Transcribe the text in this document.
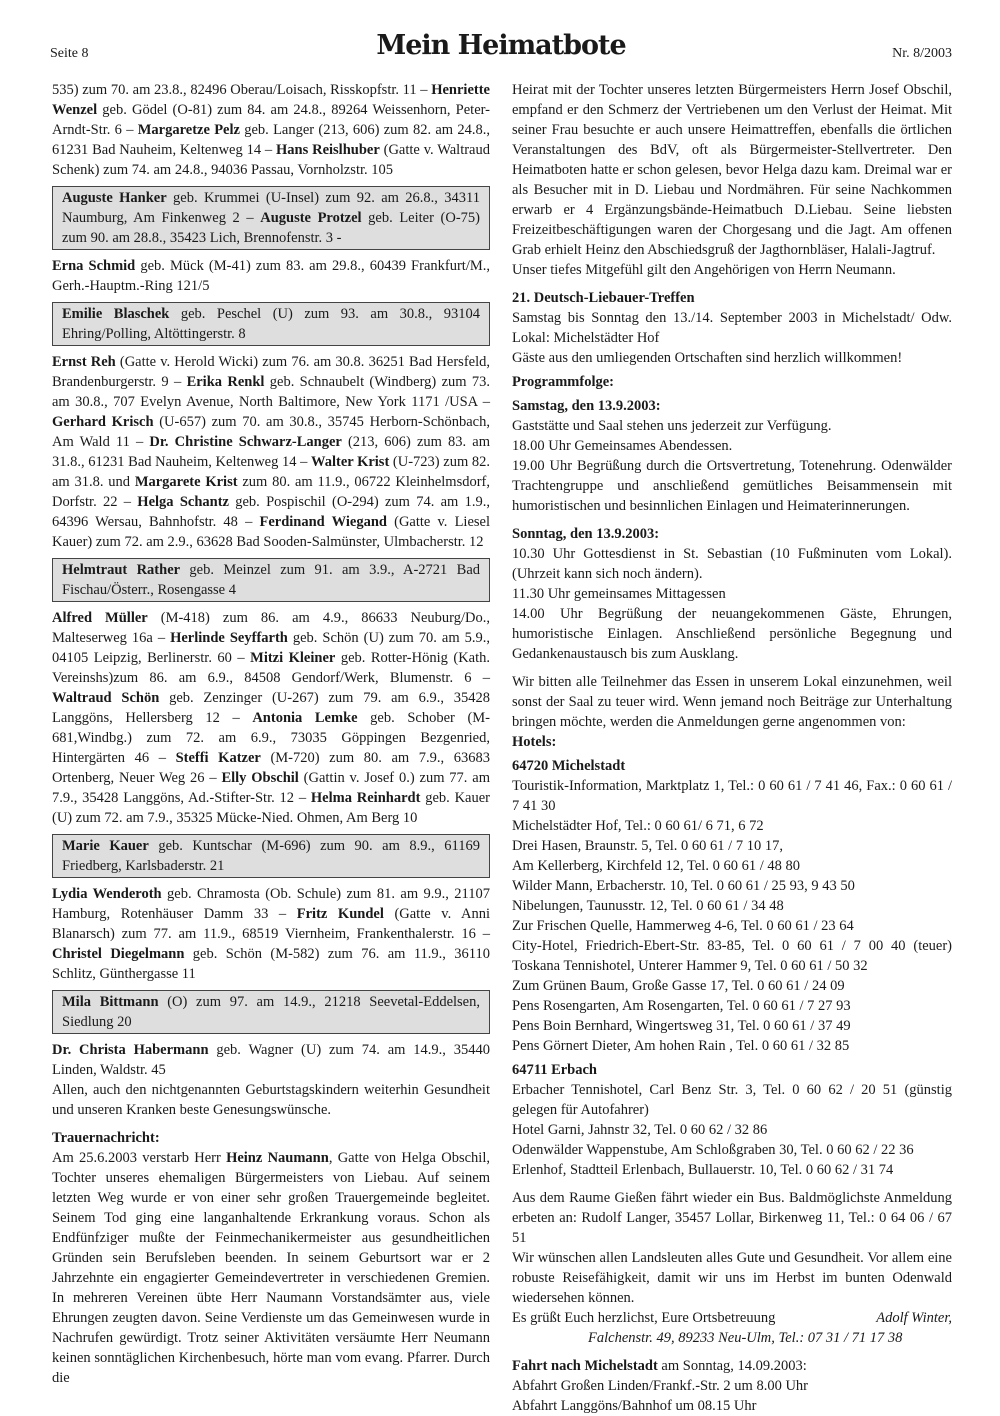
Seite 8	Mein Heimatbote	Nr. 8/2003

535) zum 70. am 23.8., 82496 Oberau/Loisach, Risskopfstr. 11 – Henriette Wenzel geb. Gödel (O-81) zum 84. am 24.8., 89264 Weissenhorn, Peter-Arndt-Str. 6 – Margaretze Pelz geb. Langer (213, 606) zum 82. am 24.8., 61231 Bad Nauheim, Keltenweg 14 – Hans Reislhuber (Gatte v. Waltraud Schenk) zum 74. am 24.8., 94036 Passau, Vornholzstr. 105

Auguste Hanker geb. Krummei (U-Insel) zum 92. am 26.8., 34311 Naumburg, Am Finkenweg 2 – Auguste Protzel geb. Leiter (O-75) zum 90. am 28.8., 35423 Lich, Brennofenstr. 3 -

Erna Schmid geb. Mück (M-41) zum 83. am 29.8., 60439 Frankfurt/M., Gerh.-Hauptm.-Ring 121/5

Emilie Blaschek geb. Peschel (U) zum 93. am 30.8., 93104 Ehring/Polling, Altöttingerstr. 8

Ernst Reh (Gatte v. Herold Wicki) zum 76. am 30.8. 36251 Bad Hersfeld, Brandenburgerstr. 9 – Erika Renkl geb. Schnaubelt (Windberg) zum 73. am 30.8., 707 Evelyn Avenue, North Baltimore, New York 1171 /USA – Gerhard Krisch (U-657) zum 70. am 30.8., 35745 Herborn-Schönbach, Am Wald 11 – Dr. Christine Schwarz-Langer (213, 606) zum 83. am 31.8., 61231 Bad Nauheim, Keltenweg 14 – Walter Krist (U-723) zum 82. am 31.8. und Margarete Krist zum 80. am 11.9., 06722 Kleinhelmsdorf, Dorfstr. 22 – Helga Schantz geb. Pospischil (O-294) zum 74. am 1.9., 64396 Wersau, Bahnhofstr. 48 – Ferdinand Wiegand (Gatte v. Liesel Kauer) zum 72. am 2.9., 63628 Bad Sooden-Salmünster, Ulmbacherstr. 12

Helmtraut Rather geb. Meinzel zum 91. am 3.9., A-2721 Bad Fischau/Österr., Rosengasse 4

Alfred Müller (M-418) zum 86. am 4.9., 86633 Neuburg/Do., Malteserweg 16a – Herlinde Seyffarth geb. Schön (U) zum 70. am 5.9., 04105 Leipzig, Berlinerstr. 60 – Mitzi Kleiner geb. Rotter-Hönig (Kath. Vereinshs)zum 86. am 6.9., 84508 Gendorf/Werk, Blumenstr. 6 – Waltraud Schön geb. Zenzinger (U-267) zum 79. am 6.9., 35428 Langgöns, Hellersberg 12 – Antonia Lemke geb. Schober (M-681,Windbg.) zum 72. am 6.9., 73035 Göppingen Bezgenried, Hintergärten 46 – Steffi Katzer (M-720) zum 80. am 7.9., 63683 Ortenberg, Neuer Weg 26 – Elly Obschil (Gattin v. Josef 0.) zum 77. am 7.9., 35428 Langgöns, Ad.-Stifter-Str. 12 – Helma Reinhardt geb. Kauer (U) zum 72. am 7.9., 35325 Mücke-Nied. Ohmen, Am Berg 10

Marie Kauer geb. Kuntschar (M-696) zum 90. am 8.9., 61169 Friedberg, Karlsbaderstr. 21

Lydia Wenderoth geb. Chramosta (Ob. Schule) zum 81. am 9.9., 21107 Hamburg, Rotenhäuser Damm 33 – Fritz Kundel (Gatte v. Anni Blanarsch) zum 77. am 11.9., 68519 Viernheim, Frankenthalerstr. 16 – Christel Diegelmann geb. Schön (M-582) zum 76. am 11.9., 36110 Schlitz, Günthergasse 11

Mila Bittmann (O) zum 97. am 14.9., 21218 Seevetal-Eddelsen, Siedlung 20

Dr. Christa Habermann geb. Wagner (U) zum 74. am 14.9., 35440 Linden, Waldstr. 45

Allen, auch den nichtgenannten Geburtstagskindern weiterhin Gesundheit und unseren Kranken beste Genesungswünsche.

Trauernachricht:

Am 25.6.2003 verstarb Herr Heinz Naumann, Gatte von Helga Obschil, Tochter unseres ehemaligen Bürgermeisters von Liebau. Auf seinem letzten Weg wurde er von einer sehr großen Trauergemeinde begleitet. Seinem Tod ging eine langanhaltende Erkrankung voraus. Schon als Endfünfziger mußte der Feinmechanikermeister aus gesundheitlichen Gründen sein Berufsleben beenden. In seinem Geburtsort war er 2 Jahrzehnte ein engagierter Gemeindevertreter in verschiedenen Gremien. In mehreren Vereinen übte Herr Naumann Vorstandsämter aus, viele Ehrungen zeugten davon. Seine Verdienste um das Gemeinwesen wurde in Nachrufen gewürdigt. Trotz seiner Aktivitäten versäumte Herr Neumann keinen sonntäglichen Kirchenbesuch, hörte man vom evang. Pfarrer. Durch die

Heirat mit der Tochter unseres letzten Bürgermeisters Herrn Josef Obschil, empfand er den Schmerz der Vertriebenen um den Verlust der Heimat. Mit seiner Frau besuchte er auch unsere Heimattreffen, ebenfalls die örtlichen Veranstaltungen des BdV, oft als Bürgermeister-Stellvertreter. Den Heimatboten hatte er schon gelesen, bevor Helga dazu kam. Dreimal war er als Besucher mit in D. Liebau und Nordmähren. Für seine Nachkommen erwarb er 4 Ergänzungsbände-Heimatbuch D.Liebau. Seine liebsten Freizeitbeschäftigungen waren der Chorgesang und die Jagt. Am offenen Grab erhielt Heinz den Abschiedsgruß der Jagthornbläser, Halali-Jagtruf.

Unser tiefes Mitgefühl gilt den Angehörigen von Herrn Neumann.

21. Deutsch-Liebauer-Treffen

Samstag bis Sonntag den 13./14. September 2003 in Michelstadt/ Odw. Lokal: Michelstädter Hof

Gäste aus den umliegenden Ortschaften sind herzlich willkommen!

Programmfolge:

Samstag, den 13.9.2003:

Gaststätte und Saal stehen uns jederzeit zur Verfügung.

18.00 Uhr Gemeinsames Abendessen.

19.00 Uhr Begrüßung durch die Ortsvertretung, Totenehrung. Odenwälder Trachtengruppe und anschließend gemütliches Beisammensein mit humoristischen und besinnlichen Einlagen und Heimaterinnerungen.

Sonntag, den 13.9.2003:

10.30 Uhr Gottesdienst in St. Sebastian (10 Fußminuten vom Lokal). (Uhrzeit kann sich noch ändern).

11.30 Uhr gemeinsames Mittagessen

14.00 Uhr Begrüßung der neuangekommenen Gäste, Ehrungen, humoristische Einlagen. Anschließend persönliche Begegnung und Gedankenaustausch bis zum Ausklang.

Wir bitten alle Teilnehmer das Essen in unserem Lokal einzunehmen, weil sonst der Saal zu teuer wird. Wenn jemand noch Beiträge zur Unterhaltung bringen möchte, werden die Anmeldungen gerne angenommen von:

Hotels:

64720 Michelstadt

Touristik-Information, Marktplatz 1, Tel.: 0 60 61 / 7 41 46, Fax.: 0 60 61 / 7 41 30

Michelstädter Hof, Tel.: 0 60 61/ 6 71, 6 72

Drei Hasen, Braunstr. 5, Tel. 0 60 61 / 7 10 17,

Am Kellerberg, Kirchfeld 12, Tel. 0 60 61 / 48 80

Wilder Mann, Erbacherstr. 10, Tel. 0 60 61 / 25 93, 9 43 50

Nibelungen, Taunusstr. 12, Tel. 0 60 61 / 34 48

Zur Frischen Quelle, Hammerweg 4-6, Tel. 0 60 61 / 23 64

City-Hotel, Friedrich-Ebert-Str. 83-85, Tel. 0 60 61 / 7 00 40 (teuer) Toskana Tennishotel, Unterer Hammer 9, Tel. 0 60 61 / 50 32

Zum Grünen Baum, Große Gasse 17, Tel. 0 60 61 / 24 09

Pens Rosengarten, Am Rosengarten, Tel. 0 60 61 / 7 27 93

Pens Boin Bernhard, Wingertsweg 31, Tel. 0 60 61 / 37 49

Pens Görnert Dieter, Am hohen Rain , Tel. 0 60 61 / 32 85

64711 Erbach

Erbacher Tennishotel, Carl Benz Str. 3, Tel. 0 60 62 / 20 51 (günstig gelegen für Autofahrer)

Hotel Garni, Jahnstr 32, Tel. 0 60 62 / 32 86

Odenwälder Wappenstube, Am Schloßgraben 30, Tel. 0 60 62 / 22 36

Erlenhof, Stadtteil Erlenbach, Bullauerstr. 10, Tel. 0 60 62 / 31 74

Aus dem Raume Gießen fährt wieder ein Bus. Baldmöglichste Anmeldung erbeten an: Rudolf Langer, 35457 Lollar, Birkenweg 11, Tel.: 0 64 06 / 67 51

Wir wünschen allen Landsleuten alles Gute und Gesundheit. Vor allem eine robuste Reisefähigkeit, damit wir uns im Herbst im bunten Odenwald wiedersehen können.

Es grüßt Euch herzlichst, Eure Ortsbetreuung	Adolf Winter,

Falchenstr. 49, 89233 Neu-Ulm, Tel.: 07 31 / 71 17 38

Fahrt nach Michelstadt am Sonntag, 14.09.2003:

Abfahrt Großen Linden/Frankf.-Str. 2 um 8.00 Uhr

Abfahrt Langgöns/Bahnhof um 08.15 Uhr
